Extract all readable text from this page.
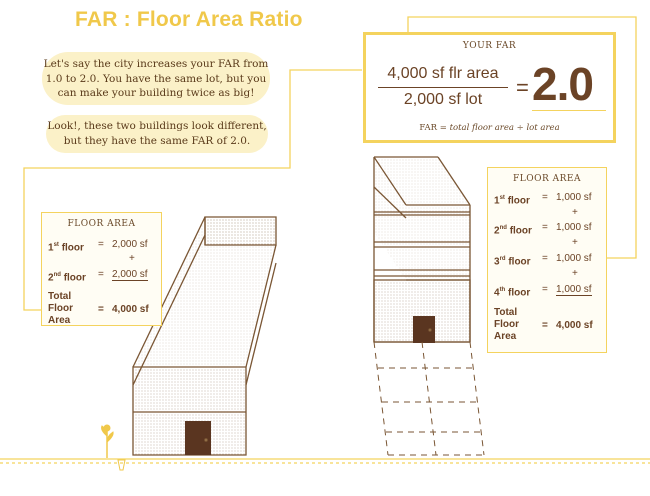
FAR : Floor Area Ratio
Let's say the city increases your FAR from
1.0 to 2.0. You have the same lot, but you
can make your building twice as big!
Look!, these two buildings look different,
but they have the same FAR of 2.0.
YOUR FAR
4,000 sf flr area
2,000 sf lot	= 2.0
FAR = total floor area ÷ lot area
FLOOR AREA
1st floor = 2,000 sf
+
2nd floor = 2,000 sf
Total
Floor
Area
= 4,000 sf
FLOOR AREA
1st floor = 1,000 sf
+
2nd floor = 1,000 sf
+
3rd floor = 1,000 sf
+
4th floor = 1,000 sf
Total
Floor
Area
= 4,000 sf
